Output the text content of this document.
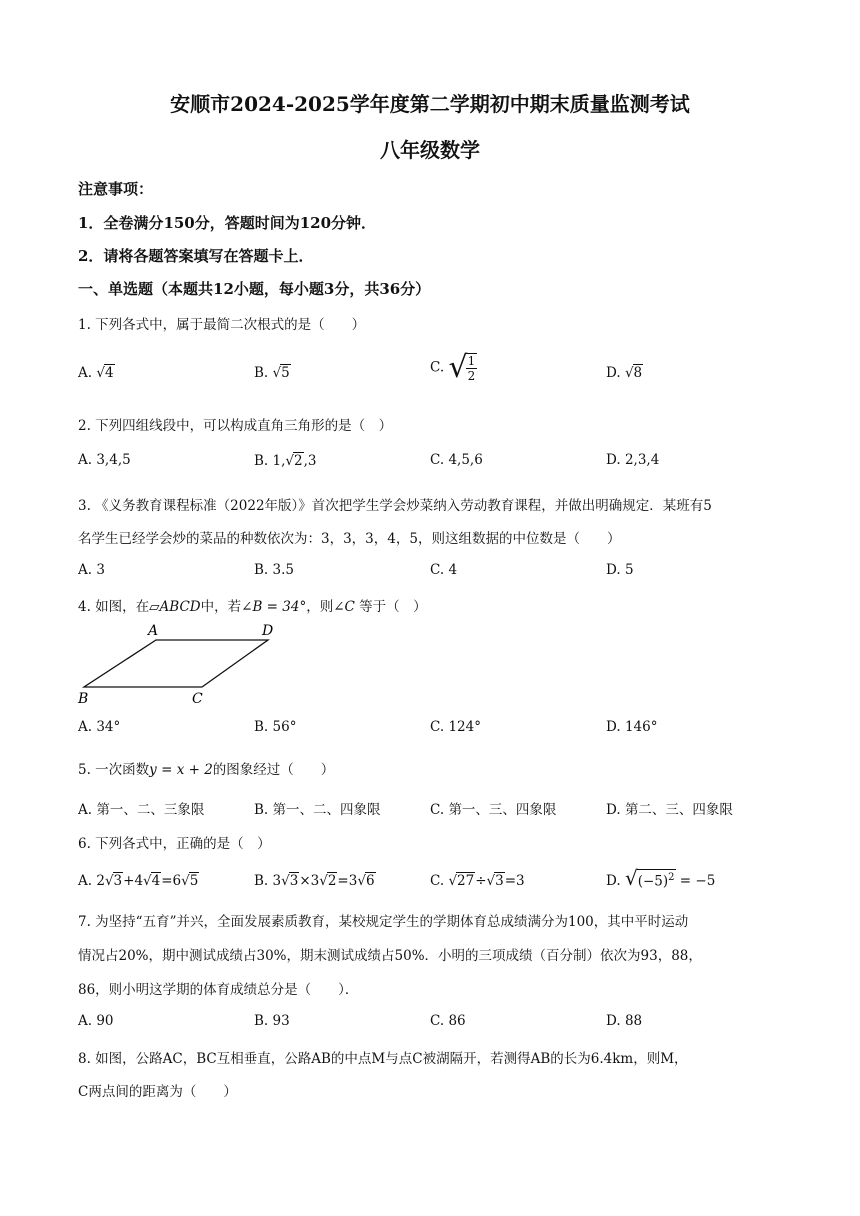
安顺市2024-2025学年度第二学期初中期末质量监测考试
八年级数学
注意事项：
1．全卷满分150分，答题时间为120分钟．
2．请将各题答案填写在答题卡上．
一、单选题（本题共12小题，每小题3分，共36分）
1. 下列各式中，属于最简二次根式的是（　　）
A. √4	B. √5	C. √
$\frac{1}{2}$	D. √8
2. 下列四组线段中，可以构成直角三角形的是（　）
A. 3,4,5	B. 1,√2,3	C. 4,5,6	D. 2,3,4
3. 《义务教育课程标准（2022年版）》首次把学生学会炒菜纳入劳动教育课程，并做出明确规定．某班有5
名学生已经学会炒的菜品的种数依次为：3，3，3，4，5，则这组数据的中位数是（　　）
A. 3	B. 3.5	C. 4	D. 5
4. 如图，在▱ABCD中，若∠B = 34°，则∠C 等于（　）
A	D
B	C
A. 34°	B. 56°	C. 124°	D. 146°
5. 一次函数y = x + 2的图象经过（　　）
A. 第一、二、三象限	B. 第一、二、四象限	C. 第一、三、四象限	D. 第二、三、四象限
6. 下列各式中，正确的是（　）
A. 2√3+4√4=6√5	B. 3√3×3√2=3√6	C. √27÷√3=3	D. $√(-5)^2 = -5$
7. 为坚持“五育”并兴，全面发展素质教育，某校规定学生的学期体育总成绩满分为100，其中平时运动
情况占20%，期中测试成绩占30%，期末测试成绩占50%．小明的三项成绩（百分制）依次为93，88，
86，则小明这学期的体育成绩总分是（　　）．
A. 90	B. 93	C. 86	D. 88
8. 如图，公路AC，BC互相垂直，公路AB的中点M与点C被湖隔开，若测得AB的长为6.4km，则M，
C两点间的距离为（　　）
